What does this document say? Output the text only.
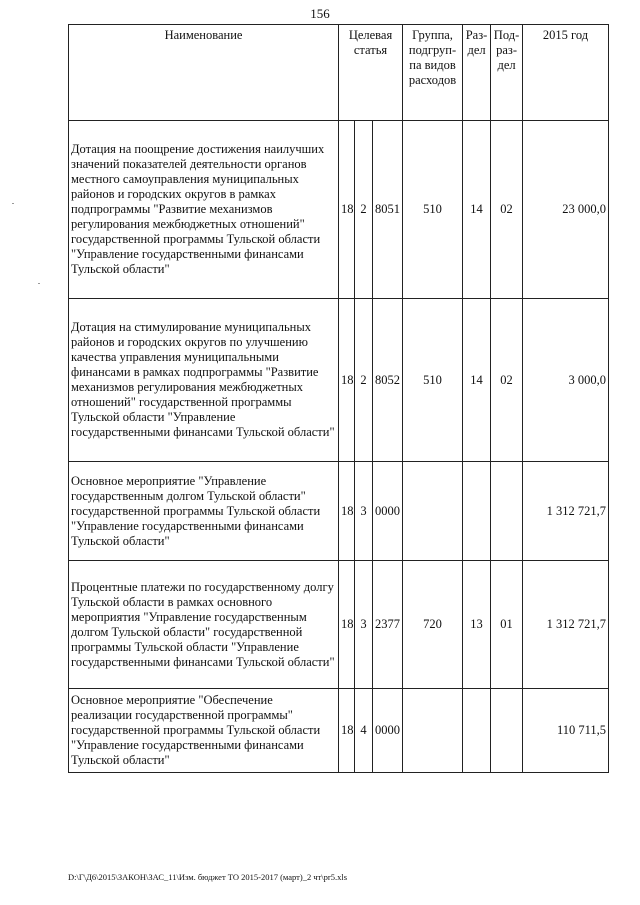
156
Наименование	Целевая статья			Группа, подгруп-па видов расходов	Раз-дел	Под-раз-дел	2015 год
Дотация на поощрение достижения наилучших значений показателей деятельности органов местного самоуправления муниципальных районов и городских округов в рамках подпрограммы "Развитие механизмов регулирования межбюджетных отношений" государственной программы Тульской области "Управление государственными финансами Тульской области"	18	2	8051	510	14	02	23 000,0
Дотация на стимулирование муниципальных районов и городских округов по улучшению качества управления муниципальными финансами в рамках подпрограммы "Развитие механизмов регулирования межбюджетных отношений" государственной программы Тульской области "Управление государственными финансами Тульской области"	18	2	8052	510	14	02	3 000,0
Основное мероприятие "Управление государственным долгом Тульской области" государственной программы Тульской области "Управление государственными финансами Тульской области"	18	3	0000				1 312 721,7
Процентные платежи по государственному долгу Тульской области в рамках основного мероприятия "Управление государственным долгом Тульской области" государственной программы Тульской области "Управление государственными финансами Тульской области"	18	3	2377	720	13	01	1 312 721,7
Основное мероприятие "Обеспечение реализации государственной программы" государственной программы Тульской области "Управление государственными финансами Тульской области"	18	4	0000				110 711,5
D:\Г\Д6\2015\ЗАКОН\ЗАС_11\Изм. бюджет ТО 2015-2017 (март)_2 чт\pr5.xls
